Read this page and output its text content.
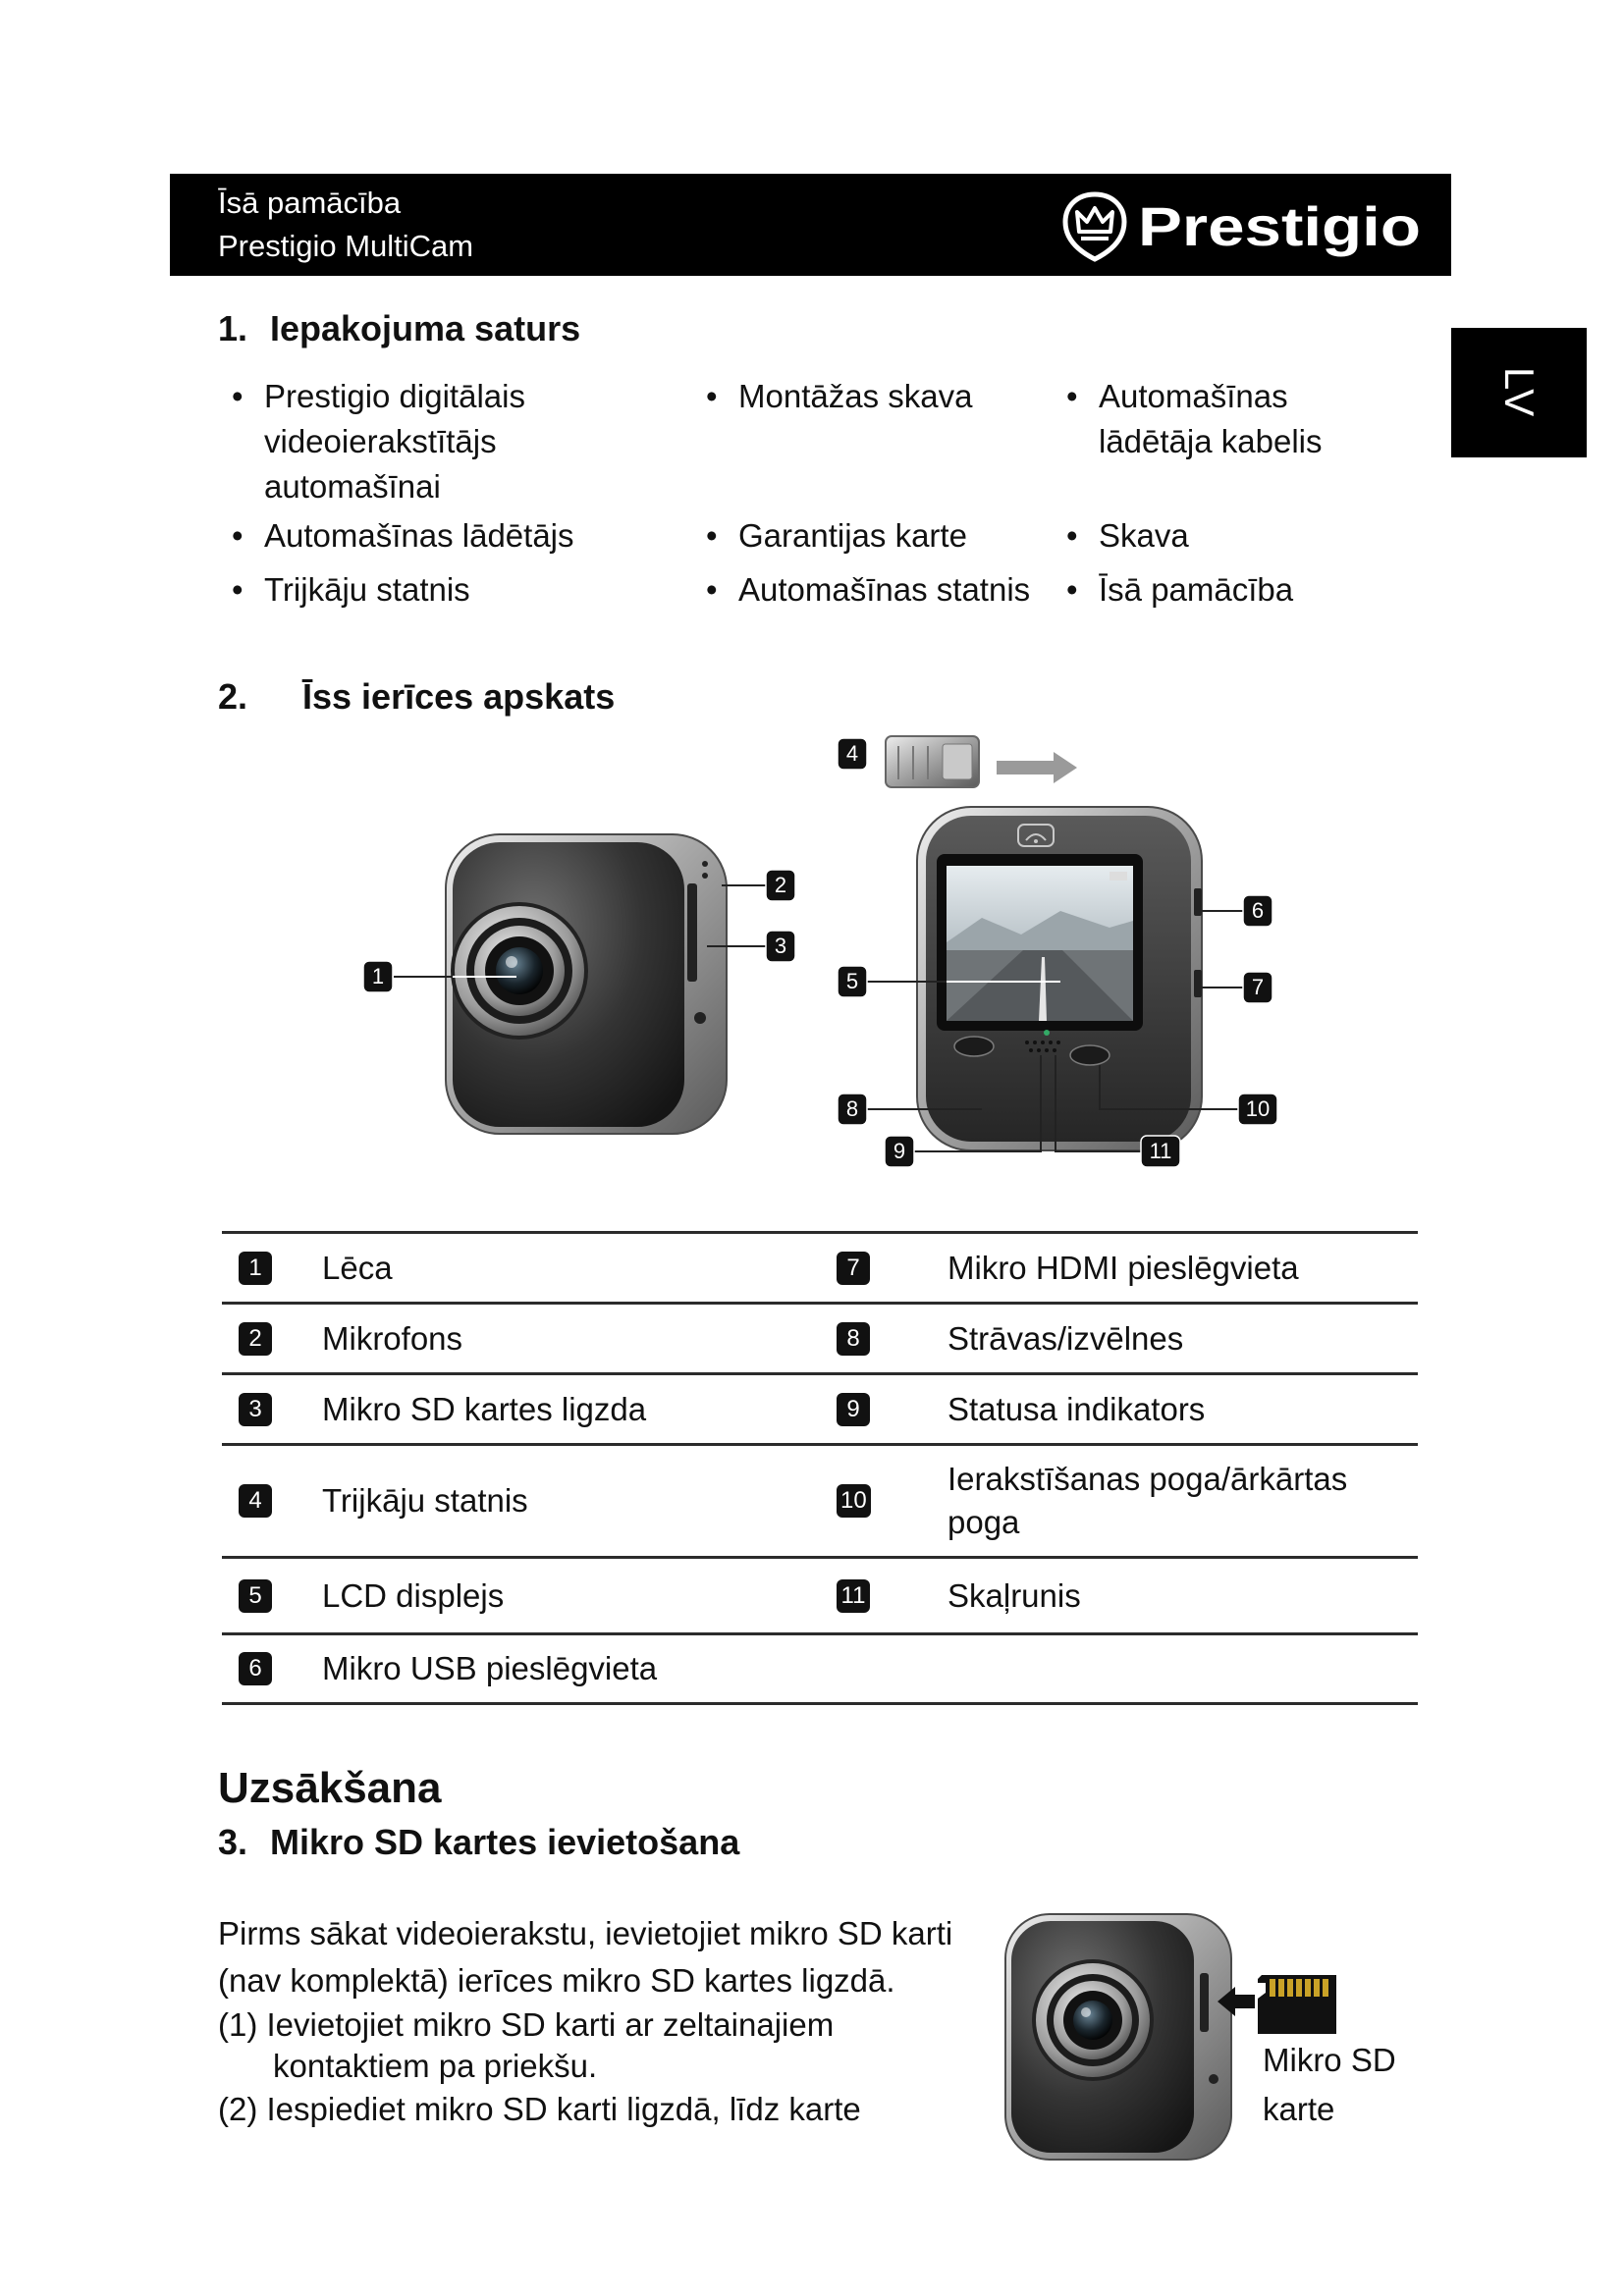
Īsā pamācība
Prestigio MultiCam	Prestigio
LV
1. Iepakojuma saturs
• Prestigio digitālais
videoierakstītājs
automašīnai
• Montāžas skava	• Automašīnas
lādētāja kabelis
• Automašīnas lādētājs	• Garantijas karte	• Skava
• Trijkāju statnis	• Automašīnas statnis • Īsā pamācība
2. Īss ierīces apskats
1
2
3
4
5
6
7
8
9
10
11
1	Lēca	7	Mikro HDMI pieslēgvieta
2	Mikrofons	8	Strāvas/izvēlnes
3	Mikro SD kartes ligzda	9	Statusa indikators
4	Trijkāju statnis	10
Ierakstīšanas poga/ārkārtas poga
5	LCD displejs	11	Skaļrunis
6	Mikro USB pieslēgvieta
Uzsākšana
3. Mikro SD kartes ievietošana
Pirms sākat videoierakstu, ievietojiet mikro SD karti
(nav komplektā) ierīces mikro SD kartes ligzdā.
(1) Ievietojiet mikro SD karti ar zeltainajiem
kontaktiem pa priekšu.
(2) Iespiediet mikro SD karti ligzdā, līdz karte
Mikro SD
karte
